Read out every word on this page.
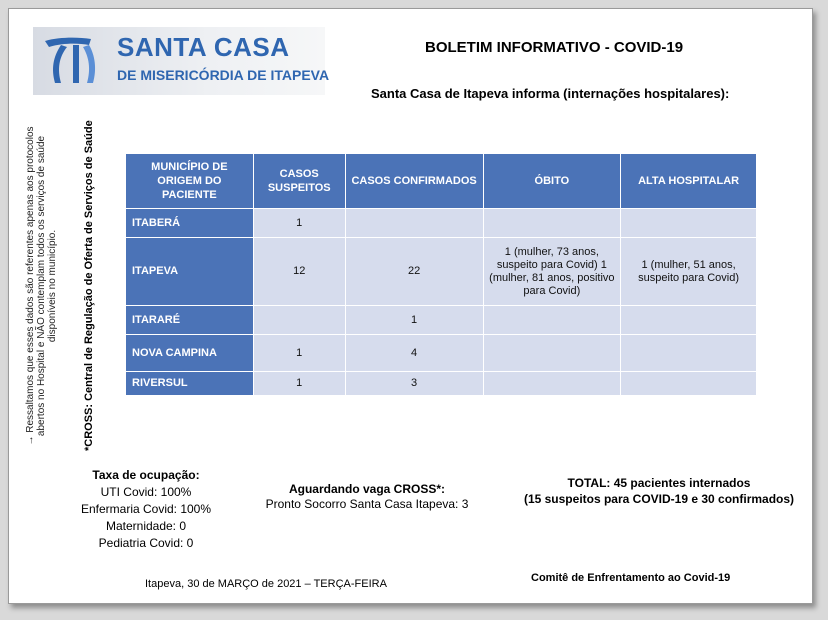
SANTA CASA
DE MISERICÓRDIA DE ITAPEVA
BOLETIM INFORMATIVO - COVID-19
Santa Casa de Itapeva informa (internações hospitalares):
→ Ressaltamos que esses dados são referentes apenas aos protocolos abertos no Hospital e NÃO contemplam todos os serviços de saúde disponíveis no município. *CROSS: Central de Regulação de Oferta de Serviços de Saúde	MUNICÍPIO DE ORIGEM DO PACIENTE	CASOS SUSPEITOS	CASOS CONFIRMADOS	ÓBITO	ALTA HOSPITALAR
ITABERÁ	1			
ITAPEVA	12	22	1 (mulher, 73 anos, suspeito para Covid) 1 (mulher, 81 anos, positivo para Covid)	1 (mulher, 51 anos, suspeito para Covid)
ITARARÉ		1		
NOVA CAMPINA	1	4		
RIVERSUL	1	3		
Taxa de ocupação:
UTI Covid: 100%
Enfermaria Covid: 100%
Maternidade: 0
Pediatria Covid: 0
Aguardando vaga CROSS*:
Pronto Socorro Santa Casa Itapeva: 3
TOTAL: 45 pacientes internados
(15 suspeitos para COVID-19 e 30 confirmados)
Itapeva, 30 de MARÇO de 2021 – TERÇA-FEIRA	Comitê de Enfrentamento ao Covid-19
